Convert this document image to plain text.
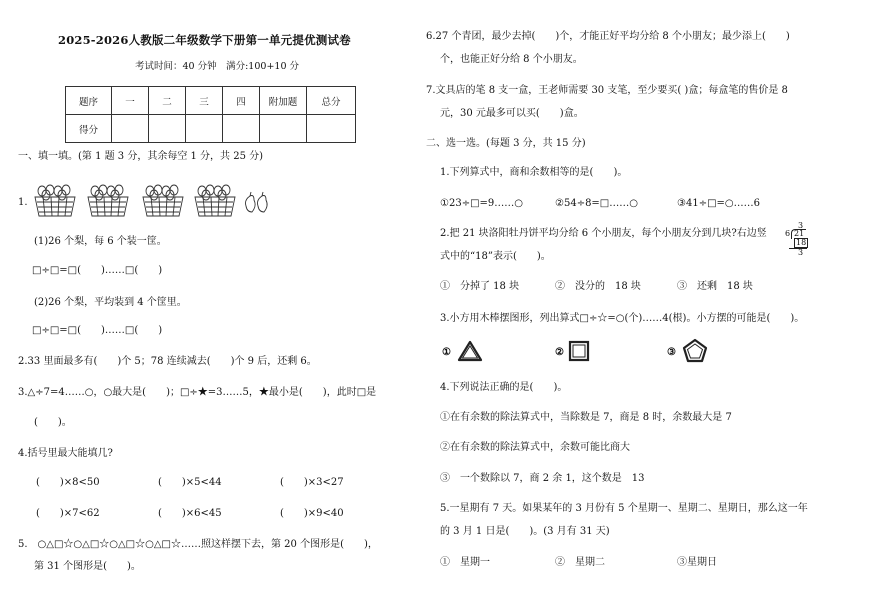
2025-2026人教版二年级数学下册第一单元提优测试卷
考试时间：40 分钟　满分:100+10 分
题序	一	二	三	四	附加题	总分
得分						
一、填一填。(第 1 题 3 分，其余每空 1 分，共 25 分)
1.
(1)26 个梨，每 6 个装一筐。
□÷□=□(　　)……□(　　)
(2)26 个梨，平均装到 4 个筐里。
□÷□=□(　　)……□(　　)
2.33 里面最多有(　　)个 5；78 连续减去(　　)个 9 后，还剩 6。
3.△÷7=4……○，○最大是(　　)；□÷★=3……5，★最小是(　　)，此时□是
(　　)。
4.括号里最大能填几?
(　　)×8<50	(　　)×5<44	(　　)×3<27
(　　)×7<62	(　　)×6<45	(　　)×9<40
5.　○△□☆○△□☆○△□☆○△□☆……照这样摆下去，第 20 个图形是(　　)，
第 31 个图形是(　　)。
6.27 个青团，最少去掉(　　)个，才能正好平均分给 8 个小朋友；最少添上(　　)
个，也能正好分给 8 个小朋友。
7.文具店的笔 8 支一盒，王老师需要 30 支笔，至少要买( )盒；每盒笔的售价是 8
元，30 元最多可以买(　　)盒。
二、选一选。(每题 3 分，共 15 分)
1.下列算式中，商和余数相等的是(　　)。
①23÷□=9……○	②54÷8=□……○	③41÷□=○……6
2.把 21 块洛阳牡丹饼平均分给 6 个小朋友，每个小朋友分到几块?右边竖
式中的“18”表示(　　)。
①　分掉了 18 块	②　没分的　18 块	③　还剩　18 块
3.小方用木棒摆图形，列出算式□÷☆=○(个)……4(根)。小方摆的可能是(　　)。
①	②	③
4.下列说法正确的是(　　)。
①在有余数的除法算式中，当除数是 7，商是 8 时，余数最大是 7
②在有余数的除法算式中，余数可能比商大
③　一个数除以 7，商 2 余 1，这个数是　13
5.一星期有 7 天。如果某年的 3 月份有 5 个星期一、星期二、星期日，那么这一年
的 3 月 1 日是(　　)。(3 月有 31 天)
①　星期一	②　星期二	③星期日
3
6 21
18
3
